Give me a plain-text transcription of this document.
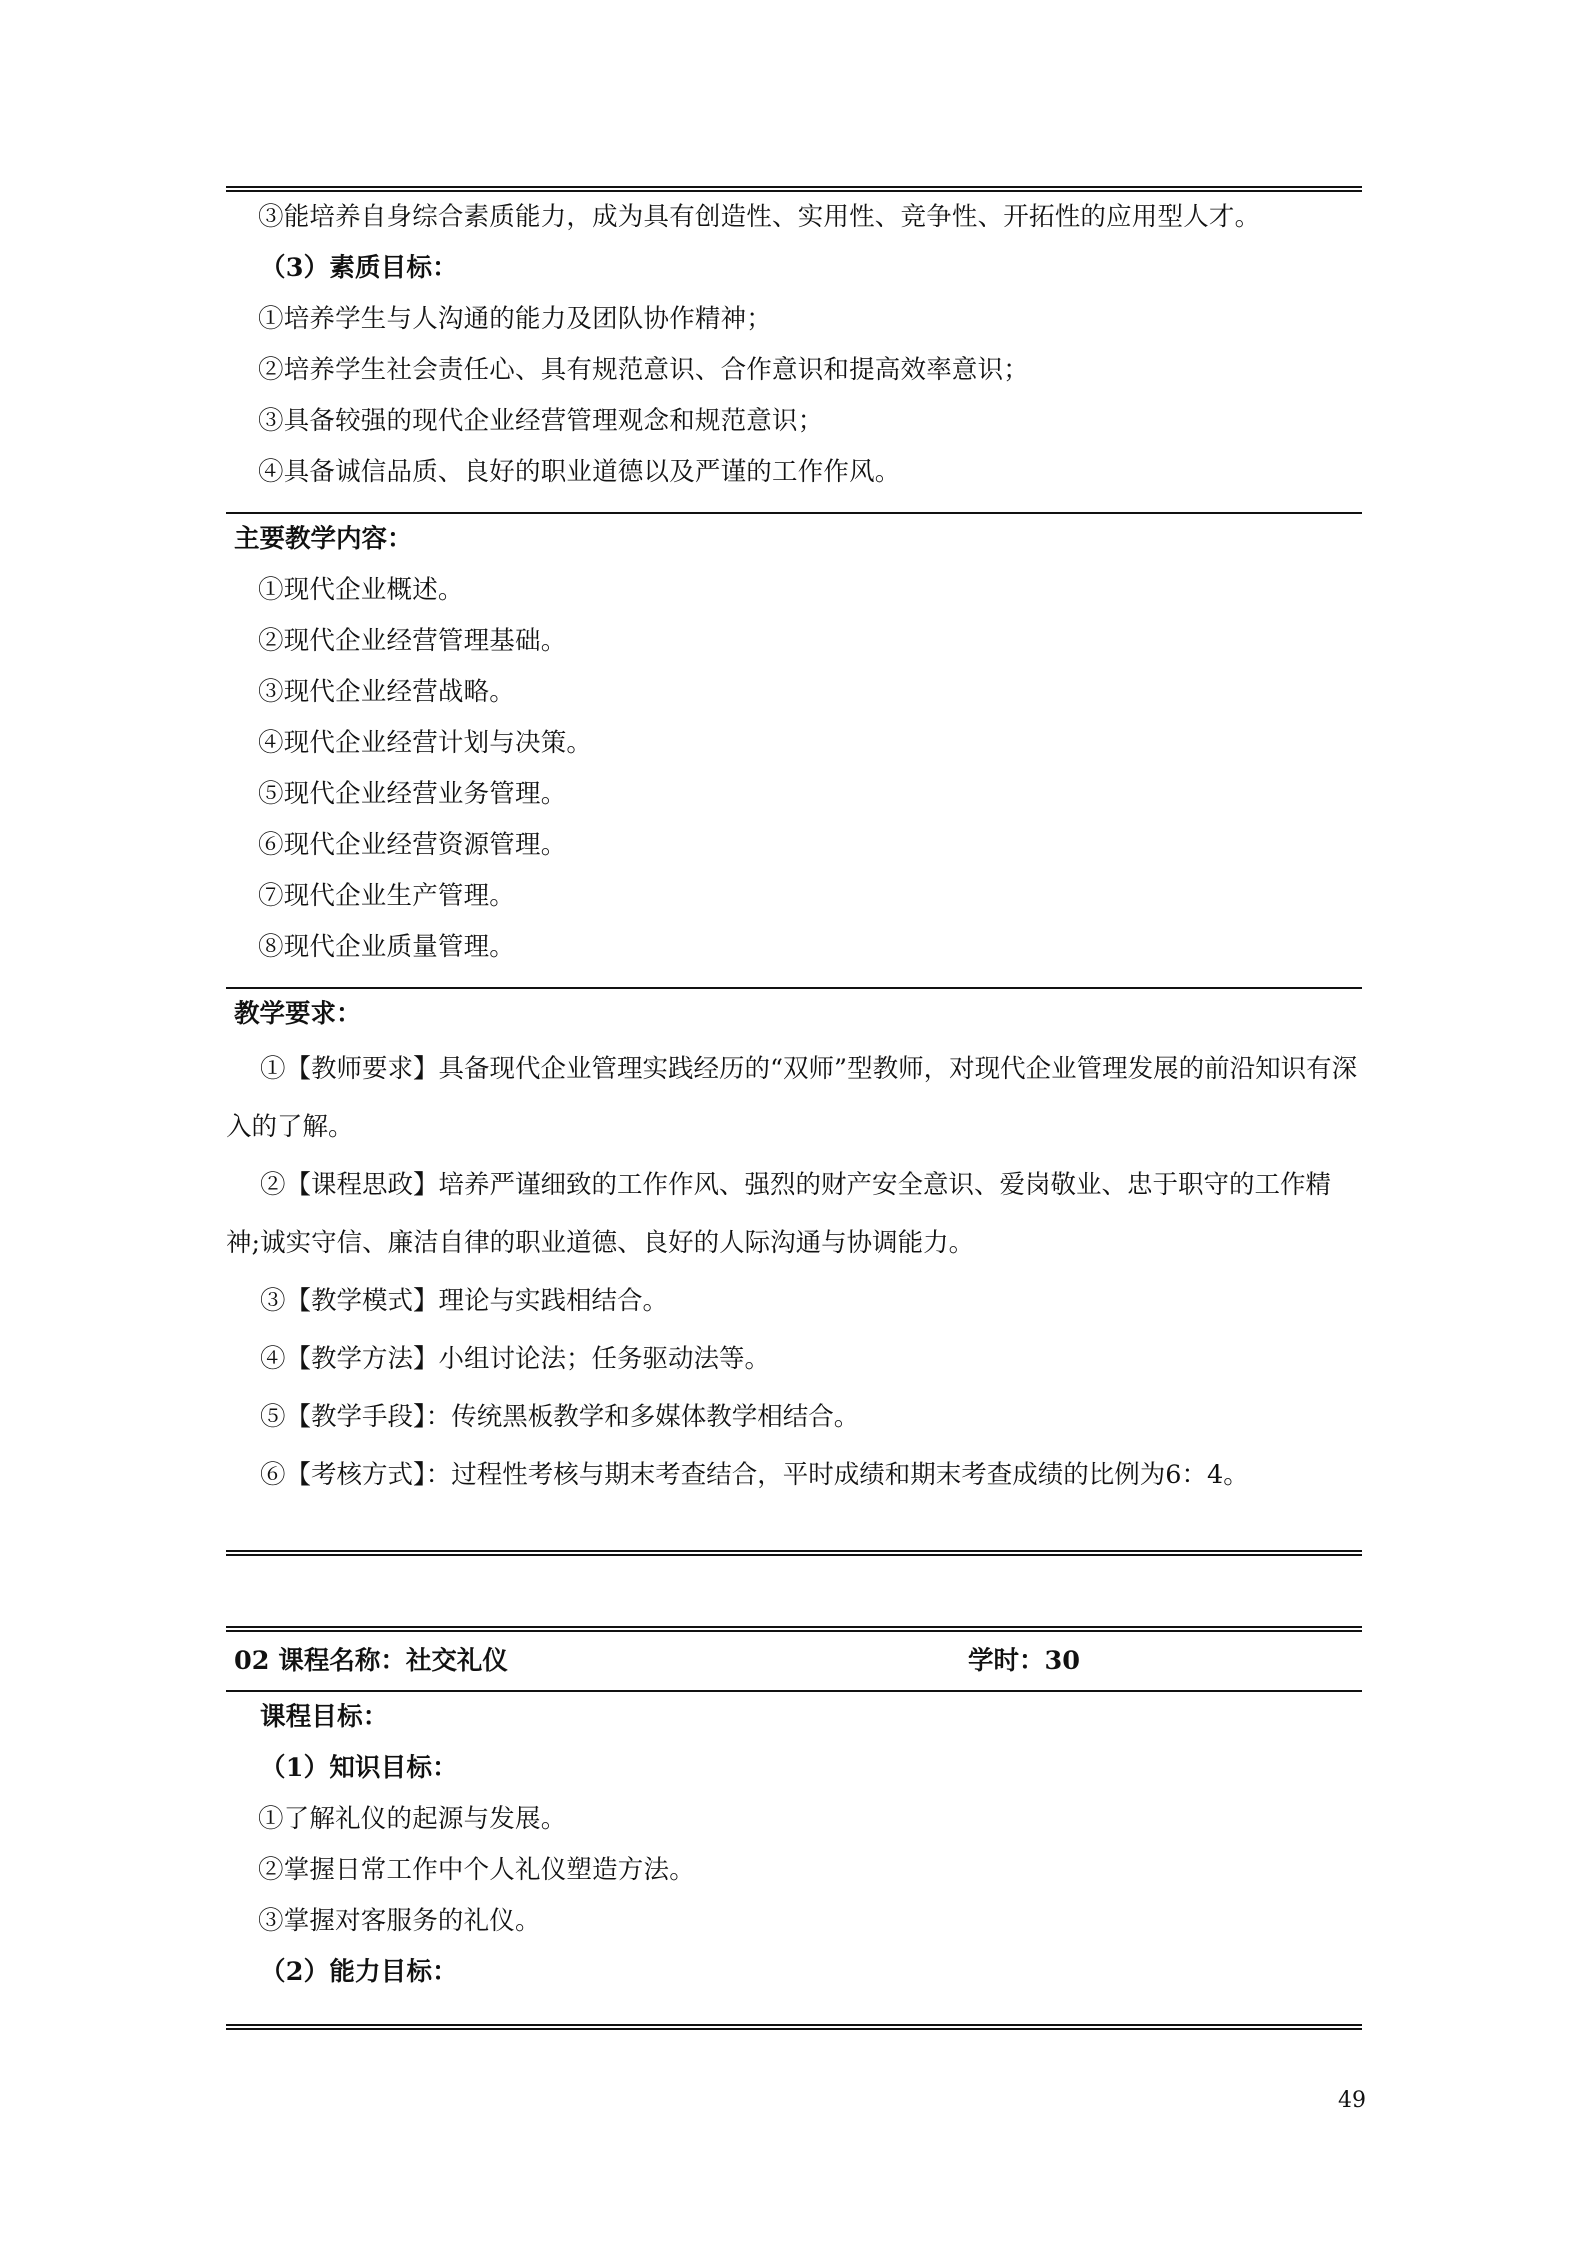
③能培养自身综合素质能力，成为具有创造性、实用性、竞争性、开拓性的应用型人才。
（3）素质目标：
①培养学生与人沟通的能力及团队协作精神；
②培养学生社会责任心、具有规范意识、合作意识和提高效率意识；
③具备较强的现代企业经营管理观念和规范意识；
④具备诚信品质、良好的职业道德以及严谨的工作作风。
主要教学内容：
①现代企业概述。
②现代企业经营管理基础。
③现代企业经营战略。
④现代企业经营计划与决策。
⑤现代企业经营业务管理。
⑥现代企业经营资源管理。
⑦现代企业生产管理。
⑧现代企业质量管理。
教学要求：
①【教师要求】具备现代企业管理实践经历的“双师”型教师，对现代企业管理发展的前沿知识有深入的了解。
②【课程思政】培养严谨细致的工作作风、强烈的财产安全意识、爱岗敬业、忠于职守的工作精神;诚实守信、廉洁自律的职业道德、良好的人际沟通与协调能力。
③【教学模式】理论与实践相结合。
④【教学方法】小组讨论法；任务驱动法等。
⑤【教学手段】：传统黑板教学和多媒体教学相结合。
⑥【考核方式】：过程性考核与期末考查结合，平时成绩和期末考查成绩的比例为6：4。
02 课程名称：社交礼仪	学时：30
课程目标：
（1）知识目标：
①了解礼仪的起源与发展。
②掌握日常工作中个人礼仪塑造方法。
③掌握对客服务的礼仪。
（2）能力目标：
49
